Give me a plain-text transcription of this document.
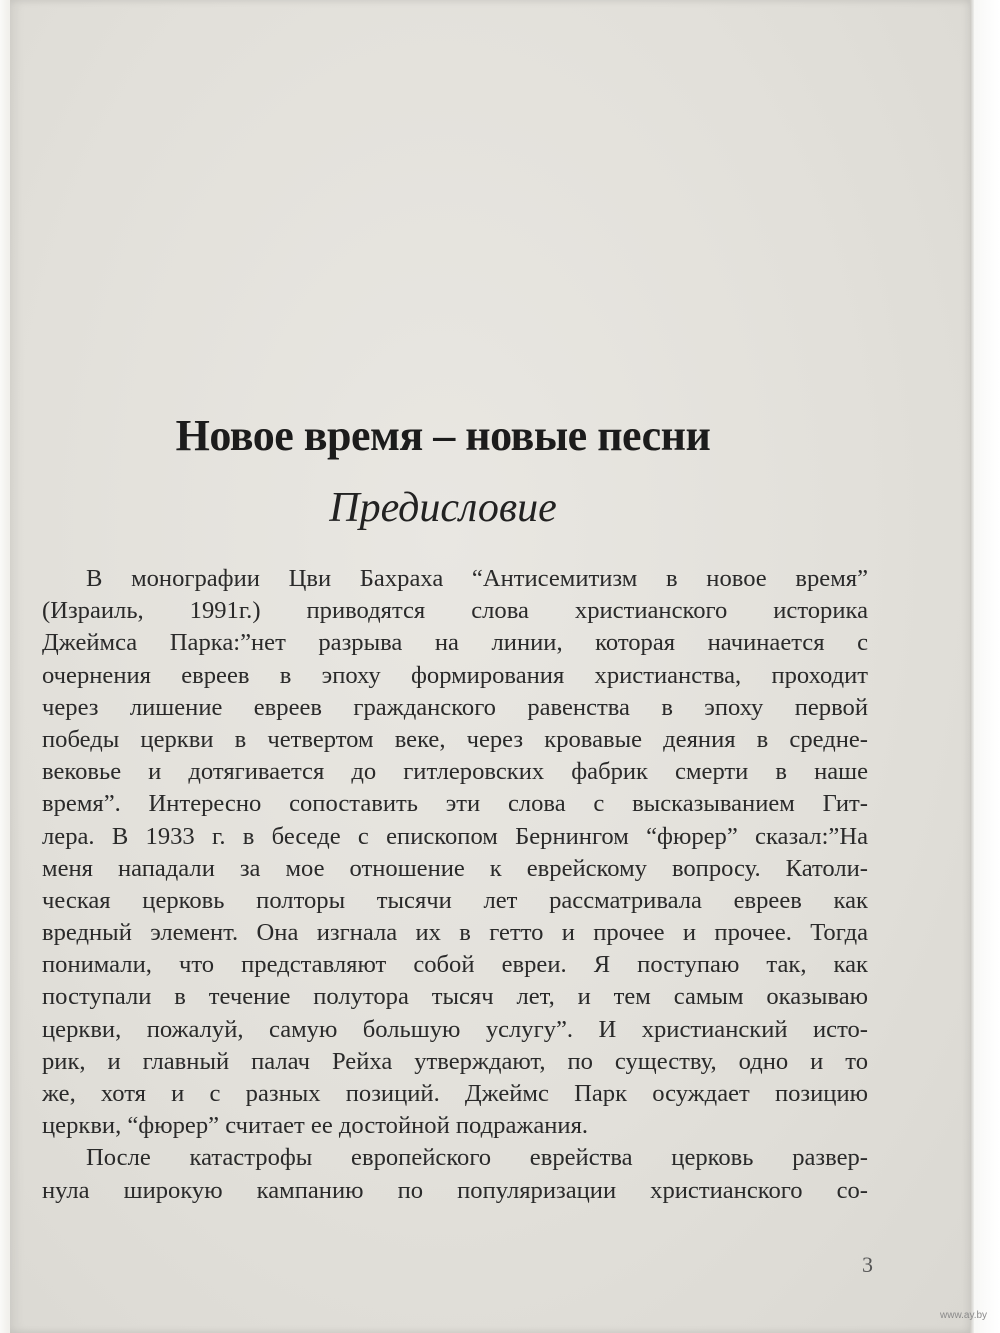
Новое время – новые песни
Предисловие
В монографии Цви Бахраха “Антисемитизм в новое время”
(Израиль, 1991г.) приводятся слова христианского историка
Джеймса Парка:”нет разрыва на линии, которая начинается с
очернения евреев в эпоху формирования христианства, проходит
через лишение евреев гражданского равенства в эпоху первой
победы церкви в четвертом веке, через кровавые деяния в средне-
вековье и дотягивается до гитлеровских фабрик смерти в наше
время”. Интересно сопоставить эти слова с высказыванием Гит-
лера. В 1933 г. в беседе с епископом Бернингом “фюрер” сказал:”На
меня нападали за мое отношение к еврейскому вопросу. Католи-
ческая церковь полторы тысячи лет рассматривала евреев как
вредный элемент. Она изгнала их в гетто и прочее и прочее. Тогда
понимали, что представляют собой евреи. Я поступаю так, как
поступали в течение полутора тысяч лет, и тем самым оказываю
церкви, пожалуй, самую большую услугу”. И христианский исто-
рик, и главный палач Рейха утверждают, по существу, одно и то
же, хотя и с разных позиций. Джеймс Парк осуждает позицию
церкви, “фюрер” считает ее достойной подражания.
После катастрофы европейского еврейства церковь развер-
нула широкую кампанию по популяризации христианского со-
3
www.ay.by
